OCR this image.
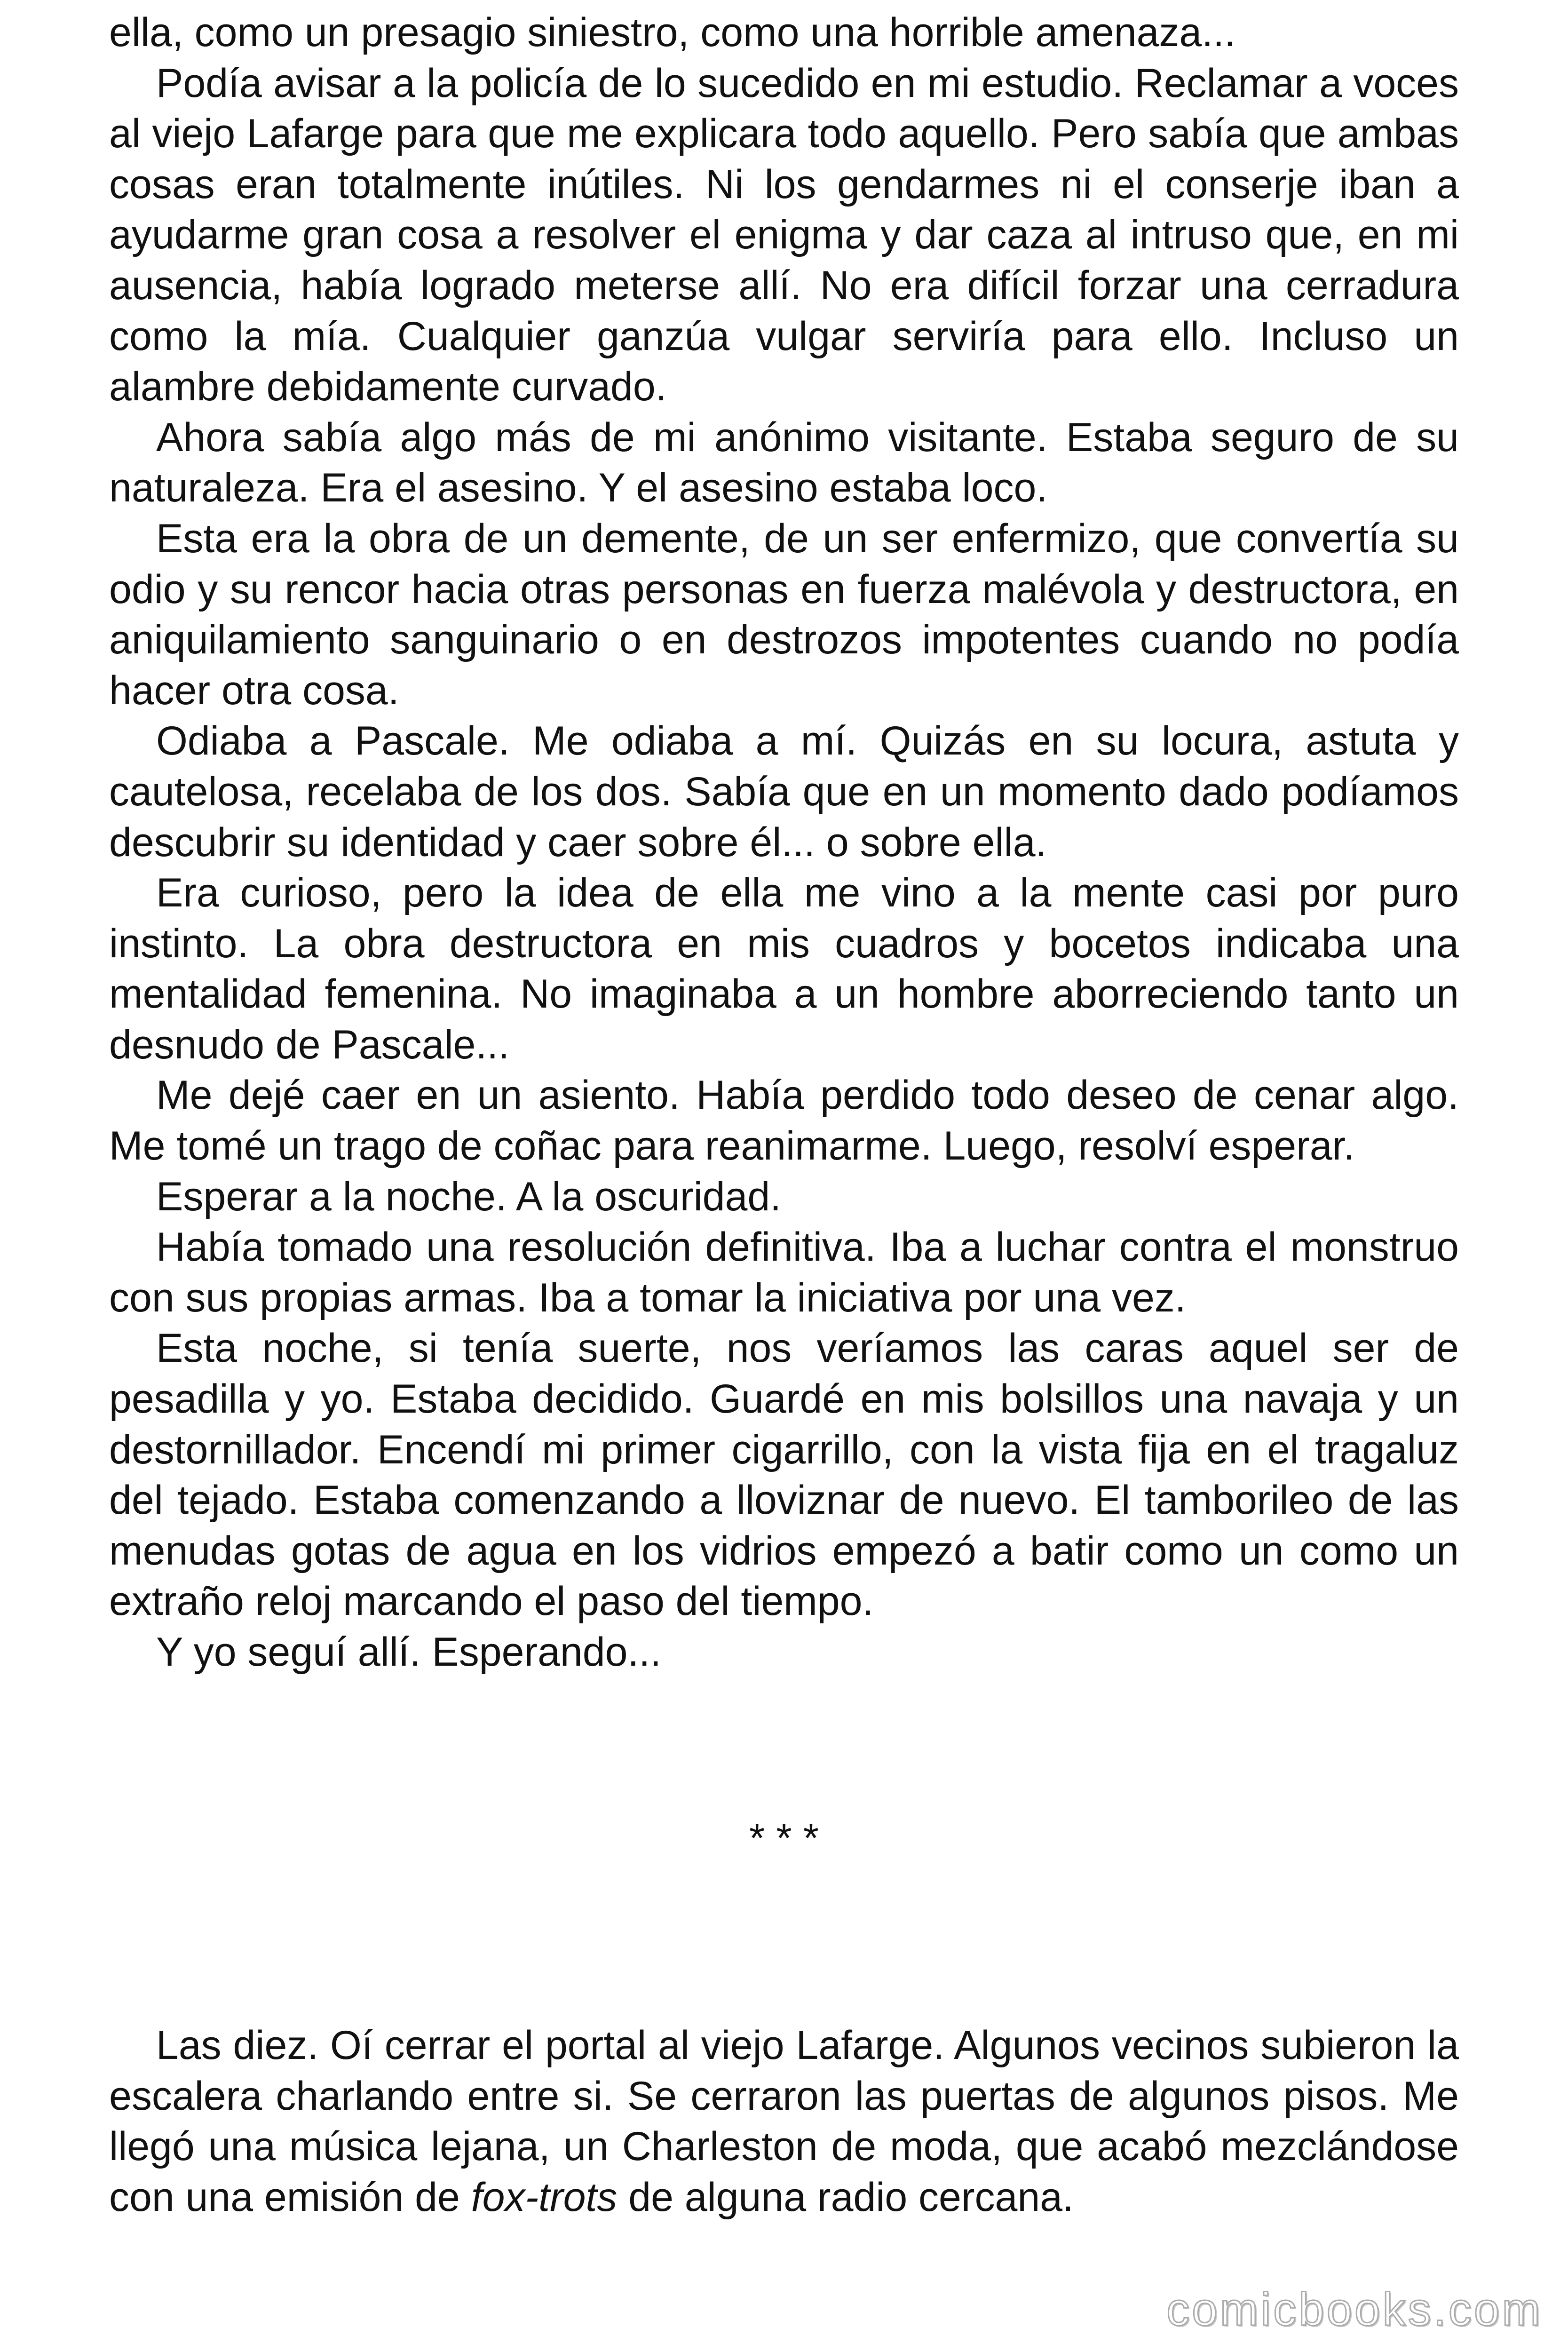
ella, como un presagio siniestro, como una horrible amenaza...

Podía avisar a la policía de lo sucedido en mi estudio. Reclamar a voces al viejo Lafarge para que me explicara todo aquello. Pero sabía que ambas cosas eran totalmente inútiles. Ni los gendarmes ni el conserje iban a ayudarme gran cosa a resolver el enigma y dar caza al intruso que, en mi ausencia, había logrado meterse allí. No era difícil forzar una cerradura como la mía. Cualquier ganzúa vulgar serviría para ello. Incluso un alambre debidamente curvado.

Ahora sabía algo más de mi anónimo visitante. Estaba seguro de su naturaleza. Era el asesino. Y el asesino estaba loco.

Esta era la obra de un demente, de un ser enfermizo, que convertía su odio y su rencor hacia otras personas en fuerza malévola y destructora, en aniquilamiento sanguinario o en destrozos impotentes cuando no podía hacer otra cosa.

Odiaba a Pascale. Me odiaba a mí. Quizás en su locura, astuta y cautelosa, recelaba de los dos. Sabía que en un momento dado podíamos descubrir su identidad y caer sobre él... o sobre ella.

Era curioso, pero la idea de ella me vino a la mente casi por puro instinto. La obra destructora en mis cuadros y bocetos indicaba una mentalidad femenina. No imaginaba a un hombre aborreciendo tanto un desnudo de Pascale...

Me dejé caer en un asiento. Había perdido todo deseo de cenar algo. Me tomé un trago de coñac para reanimarme. Luego, resolví esperar.

Esperar a la noche. A la oscuridad.

Había tomado una resolución definitiva. Iba a luchar contra el monstruo con sus propias armas. Iba a tomar la iniciativa por una vez.

Esta noche, si tenía suerte, nos veríamos las caras aquel ser de pesadilla y yo. Estaba decidido. Guardé en mis bolsillos una navaja y un destornillador. Encendí mi primer cigarrillo, con la vista fija en el tragaluz del tejado. Estaba comenzando a lloviznar de nuevo. El tamborileo de las menudas gotas de agua en los vidrios empezó a batir como un como un extraño reloj marcando el paso del tiempo.

Y yo seguí allí. Esperando...

* * *

Las diez. Oí cerrar el portal al viejo Lafarge. Algunos vecinos subieron la escalera charlando entre si. Se cerraron las puertas de algunos pisos. Me llegó una música lejana, un Charleston de moda, que acabó mezclándose con una emisión de fox-trots de alguna radio cercana.

comicbooks.com
